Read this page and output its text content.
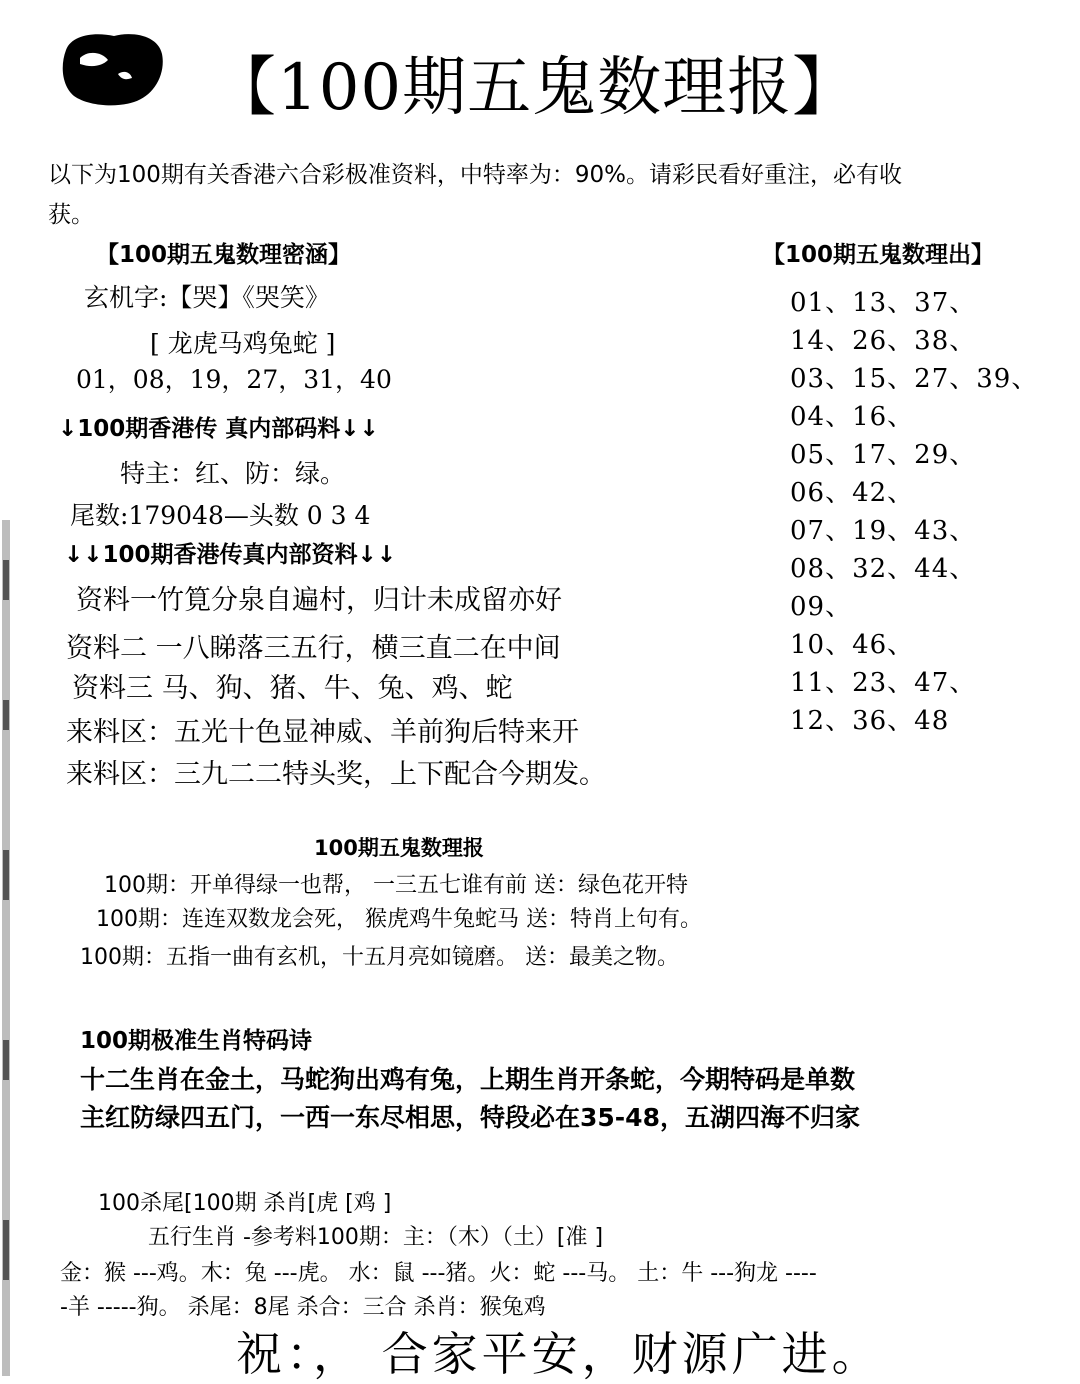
【100期五鬼数理报】
以下为100期有关香港六合彩极准资料，中特率为：90%。请彩民看好重注，必有收
获。
【100期五鬼数理密涵】
玄机字:【哭】《哭笑》
[ 龙虎马鸡兔蛇 ]
01，08，19，27，31，40
↓100期香港传 真内部码料↓↓
特主：红、防：绿。
尾数:179048—头数 0 3 4
↓↓100期香港传真内部资料↓↓
资料一竹筧分泉自遍村，归计未成留亦好
资料二 一八睇落三五行，横三直二在中间
资料三 马、狗、猪、牛、兔、鸡、蛇
来料区：五光十色显神威、羊前狗后特来开
来料区：三九二二特头奖，上下配合今期发。
【100期五鬼数理出】
01、13、37、
14、26、38、
03、15、27、39、
04、16、
05、17、29、
06、42、
07、19、43、
08、32、44、
09、
10、46、
11、23、47、
12、36、48
100期五鬼数理报
100期：开单得绿一也帮， 一三五七谁有前 送：绿色花开特
100期：连连双数龙会死， 猴虎鸡牛兔蛇马 送：特肖上句有。
100期：五指一曲有玄机，十五月亮如镜磨。 送：最美之物。
100期极准生肖特码诗
十二生肖在金土，马蛇狗出鸡有兔，上期生肖开条蛇，今期特码是单数
主红防绿四五门，一西一东尽相思，特段必在35-48，五湖四海不归家
100杀尾[100期 杀肖[虎 [鸡 ]
五行生肖 -参考料100期：主：（木）（土）[准 ]
金：猴 ---鸡。木：兔 ---虎。 水：鼠 ---猪。火：蛇 ---马。 土：牛 ---狗龙 ----
-羊 -----狗。 杀尾：8尾 杀合：三合 杀肖：猴兔鸡
祝：， 合家平安，财源广进。
